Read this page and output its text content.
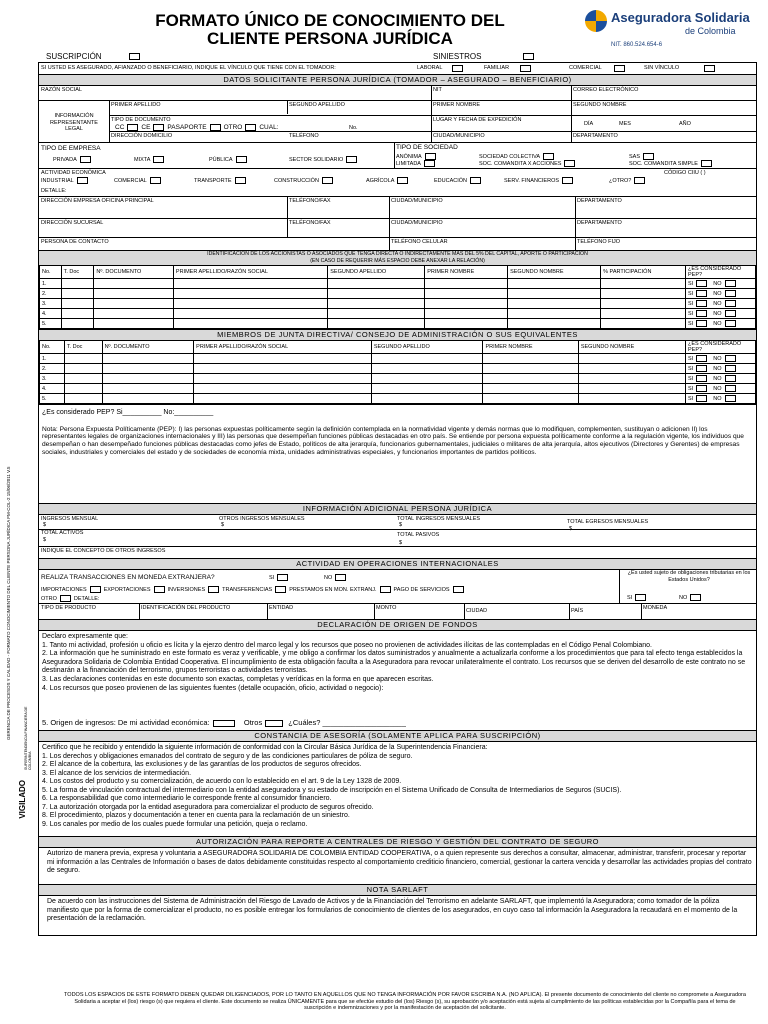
FORMATO ÚNICO DE CONOCIMIENTO DEL
CLIENTE PERSONA JURÍDICA
Aseguradora Solidaria
de Colombia
NIT. 860.524.654-6
GERENCIA DE PROCESOS Y CALIDAD - FORMATO CONOCIMIENTO DEL CLIENTE PERSONA JURÍDICA FM-COL-2 15/06/2011 V.5	SUPERINTENDENCIA FINANCIERA DE COLOMBIA
VIGILADO
SUSCRIPCIÓN	SINIESTROS
SI USTED ES ASEGURADO, AFIANZADO O BENEFICIARIO, INDIQUE EL VÍNCULO QUE TIENE CON EL TOMADOR:	LABORAL	FAMILIAR	COMERCIAL	SIN VÍNCULO
DATOS SOLICITANTE PERSONA JURÍDICA (TOMADOR – ASEGURADO – BENEFICIARIO)
RAZÓN SOCIAL	NIT	CORREO ELECTRÓNICO
INFORMACIÓN REPRESENTANTE LEGAL
PRIMER APELLIDO	SEGUNDO APELLIDO	PRIMER NOMBRE	SEGUNDO NOMBRE
TIPO DE DOCUMENTO
CC	CE	PASAPORTE	OTRO	CUAL:	No.
LUGAR Y FECHA DE EXPEDICIÓN
DÍA	MES	AÑO
DIRECCIÓN DOMICILIO	TELÉFONO	CIUDAD/MUNICIPIO	DEPARTAMENTO
TIPO DE EMPRESA
PRIVADA	MIXTA	PÚBLICA	SECTOR SOLIDARIO
TIPO DE SOCIEDAD
ANÓNIMA
LIMITADA
SOCIEDAD COLECTIVA
SOC. COMANDITA X ACCIONES
SAS
SOC. COMANDITA SIMPLE
ACTIVIDAD ECONÓMICA
INDUSTRIAL	COMERCIAL	TRANSPORTE	CONSTRUCCIÓN	AGRÍCOLA	EDUCACIÓN	SERV. FINANCIEROS	¿OTRO?
CÓDIGO CIIU ( )
DETALLE:
DIRECCIÓN EMPRESA OFICINA PRINCIPAL	TELÉFONO/FAX	CIUDAD/MUNICIPIO	DEPARTAMENTO
DIRECCIÓN SUCURSAL	TELÉFONO/FAX	CIUDAD/MUNICIPIO	DEPARTAMENTO
PERSONA DE CONTACTO	TELÉFONO CELULAR	TELÉFONO FIJO
IDENTIFICACIÓN DE LOS ACCIONISTAS O ASOCIADOS QUE TENGA DIRECTA O INDIRECTAMENTE MÁS DEL 5% DEL CAPITAL, APORTE O PARTICIPACIÓN
(EN CASO DE REQUERIR MÁS ESPACIO DEBE ANEXAR LA RELACIÓN)
No.	T. Doc	Nº. DOCUMENTO	PRIMER APELLIDO/RAZÓN SOCIAL	SEGUNDO APELLIDO	PRIMER NOMBRE	SEGUNDO NOMBRE	% PARTICIPACIÓN	¿ES CONSIDERADO PEP?
1.								SI NO
2.								SI NO
3.								SI NO
4.								SI NO
5.								SI NO
MIEMBROS DE JUNTA DIRECTIVA/ CONSEJO DE ADMINISTRACIÓN O SUS EQUIVALENTES
No.	T. Doc	Nº. DOCUMENTO	PRIMER APELLIDO/RAZÓN SOCIAL	SEGUNDO APELLIDO	PRIMER NOMBRE	SEGUNDO NOMBRE	¿ES CONSIDERADO PEP?
1.							SI NO
2.							SI NO
3.							SI NO
4.							SI NO
5.							SI NO
¿Es considerado PEP? Si__________ No:__________
Nota: Persona Expuesta Políticamente (PEP): I) las personas expuestas políticamente según la definición contemplada en la normatividad vigente y demás normas que lo modifiquen, complementen, sustituyan o adicionen II) los representantes legales de organizaciones internacionales y III) las personas que desempeñan funciones públicas destacadas en otro país. Se entiende por persona expuesta políticamente conforme a la regulación vigente, los individuos que desempeñan o han desempeñado funciones públicas destacadas como jefes de Estado, políticos de alta jerarquía, funcionarios gubernamentales, judiciales o militares de alta jerarquía, altos ejecutivos (Directores y Gerentes) de empresas sociales, industriales y comerciales del estado y de sociedades de economía mixta, unidades administrativas especiales, y funcionarios importantes de partidos políticos.
INFORMACIÓN ADICIONAL PERSONA JURÍDICA
INGRESOS MENSUAL	OTROS INGRESOS MENSUALES	TOTAL INGRESOS MENSUALES	TOTAL EGRESOS MENSUALES
$	$	$
$
TOTAL ACTIVOS	TOTAL PASIVOS
$	$
INDIQUE EL CONCEPTO DE OTROS INGRESOS
ACTIVIDAD EN OPERACIONES INTERNACIONALES
REALIZA TRANSACCIONES EN MONEDA EXTRANJERA?	SI	NO
IMPORTACIONES	EXPORTACIONES	INVERSIONES	TRANSFERENCIAS	PRESTAMOS EN MON. EXTRANJ.	PAGO DE SERVICIOS
OTRO	DETALLE:
¿Es usted sujeto de obligaciones tributarias en los Estados Unidos?
SI	NO
TIPO DE PRODUCTO	IDENTIFICACIÓN DEL PRODUCTO	ENTIDAD	MONTO	CIUDAD	PAÍS	MONEDA
DECLARACIÓN DE ORIGEN DE FONDOS
Declaro expresamente que:
1. Tanto mi actividad, profesión u oficio es lícita y la ejerzo dentro del marco legal y los recursos que poseo no provienen de actividades ilícitas de las contempladas en el Código Penal Colombiano.
2. La información que he suministrado en este formato es veraz y verificable, y me obligo a confirmar los datos suministrados y anualmente a actualizarla conforme a los procedimientos que para tal efecto tenga establecidos la Aseguradora Solidaria de Colombia Entidad Cooperativa. El incumplimiento de esta obligación faculta a la Aseguradora para revocar unilateralmente el contrato. Los recursos que se deriven del desarrollo de este contrato no se destinarán a la financiación del terrorismo, grupos terroristas o actividades terroristas.
3. Las declaraciones contenidas en este documento son exactas, completas y verídicas en la forma en que aparecen escritas.
4. Los recursos que poseo provienen de las siguientes fuentes (detalle ocupación, oficio, actividad o negocio):
5. Origen de ingresos: De mi actividad económica:	Otros	¿Cuáles? ____________________
CONSTANCIA DE ASESORÍA (SOLAMENTE APLICA PARA SUSCRIPCIÓN)
Certifico que he recibido y entendido la siguiente información de conformidad con la Circular Básica Jurídica de la Superintendencia Financiera:
1. Los derechos y obligaciones emanados del contrato de seguro y de las condiciones particulares de póliza de seguro.
2. El alcance de la cobertura, las exclusiones y de las garantías de los productos de seguros ofrecidos.
3. El alcance de los servicios de intermediación.
4. Los costos del producto y su comercialización, de acuerdo con lo establecido en el art. 9 de la Ley 1328 de 2009.
5. La forma de vinculación contractual del intermediario con la entidad aseguradora y su estado de inscripción en el Sistema Unificado de Consulta de Intermediarios de Seguros (SUCIS).
6. La responsabilidad que como intermediario le corresponde frente al consumidor financiero.
7. La autorización otorgada por la entidad aseguradora para comercializar el producto de seguros ofrecido.
8. El procedimiento, plazos y documentación a tener en cuenta para la reclamación de un siniestro.
9. Los canales por medio de los cuales puede formular una petición, queja o reclamo.
AUTORIZACIÓN PARA REPORTE A CENTRALES DE RIESGO Y GESTIÓN DEL CONTRATO DE SEGURO
Autorizo de manera previa, expresa y voluntaria a ASEGURADORA SOLIDARIA DE COLOMBIA ENTIDAD COOPERATIVA, o a quien represente sus derechos a consultar, almacenar, administrar, transferir, procesar y reportar mi información a las Centrales de Información o bases de datos debidamente constituidas respecto al comportamiento crediticio financiero, comercial, gestionar la cartera vencida y desarrollar las actividades propias del contrato de seguro.
NOTA SARLAFT
De acuerdo con las instrucciones del Sistema de Administración del Riesgo de Lavado de Activos y de la Financiación del Terrorismo en adelante SARLAFT, que implementó la Aseguradora; como tomador de la póliza manifiesto que por la forma de comercializar el producto, no es posible entregar los formularios de conocimiento de clientes de los asegurados, en cuyo caso tal información la Aseguradora la recaudará en el momento de la presentación de la reclamación.
TODOS LOS ESPACIOS DE ESTE FORMATO DEBEN QUEDAR DILIGENCIADOS, POR LO TANTO EN AQUELLOS QUE NO TENGA INFORMACIÓN POR FAVOR ESCRIBA N.A. (NO APLICA). El presente documento de conocimiento del cliente no compromete a Aseguradora Solidaria a aceptar el (los) riesgo (s) que requiera el cliente. Este documento se realiza ÚNICAMENTE para que se efectúe estudio del (los) Riesgo (s), su aprobación y/o aceptación está sujeta al cumplimiento de las políticas establecidas por la Compañía para el tema de suscripción e indemnizaciones y por la manifestación de aceptación del solicitante.
